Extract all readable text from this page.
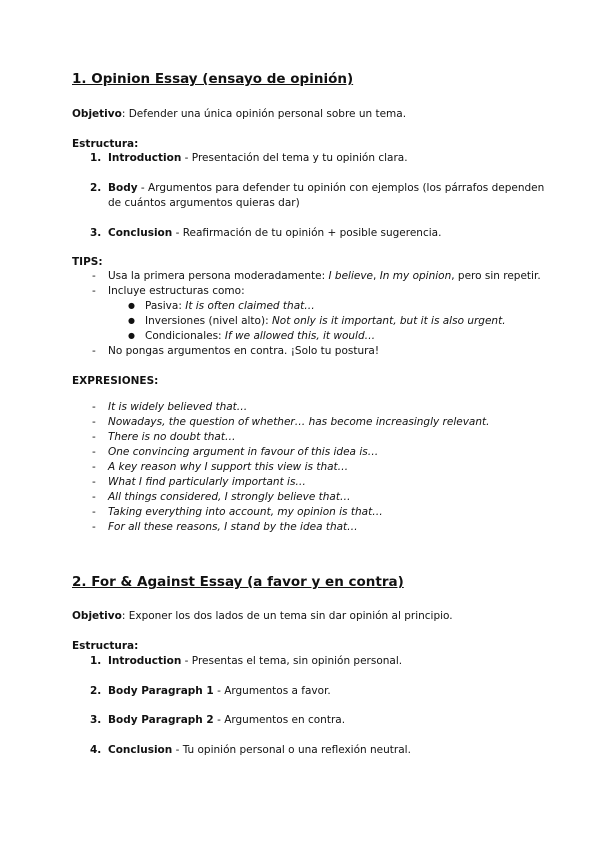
1. Opinion Essay (ensayo de opinión)
Objetivo: Defender una única opinión personal sobre un tema.
Estructura:
1. Introduction - Presentación del tema y tu opinión clara.
2. Body - Argumentos para defender tu opinión con ejemplos (los párrafos dependen
de cuántos argumentos quieras dar)
3. Conclusion - Reafirmación de tu opinión + posible sugerencia.
TIPS:
- Usa la primera persona moderadamente: I believe, In my opinion, pero sin repetir.
- Incluye estructuras como:
● Pasiva: It is often claimed that…
● Inversiones (nivel alto): Not only is it important, but it is also urgent.
● Condicionales: If we allowed this, it would…
- No pongas argumentos en contra. ¡Solo tu postura!
EXPRESIONES:
- It is widely believed that…
- Nowadays, the question of whether… has become increasingly relevant.
- There is no doubt that…
- One convincing argument in favour of this idea is…
- A key reason why I support this view is that…
- What I find particularly important is…
- All things considered, I strongly believe that…
- Taking everything into account, my opinion is that…
- For all these reasons, I stand by the idea that…
2. For & Against Essay (a favor y en contra)
Objetivo: Exponer los dos lados de un tema sin dar opinión al principio.
Estructura:
1. Introduction - Presentas el tema, sin opinión personal.
2. Body Paragraph 1 - Argumentos a favor.
3. Body Paragraph 2 - Argumentos en contra.
4. Conclusion - Tu opinión personal o una reflexión neutral.
